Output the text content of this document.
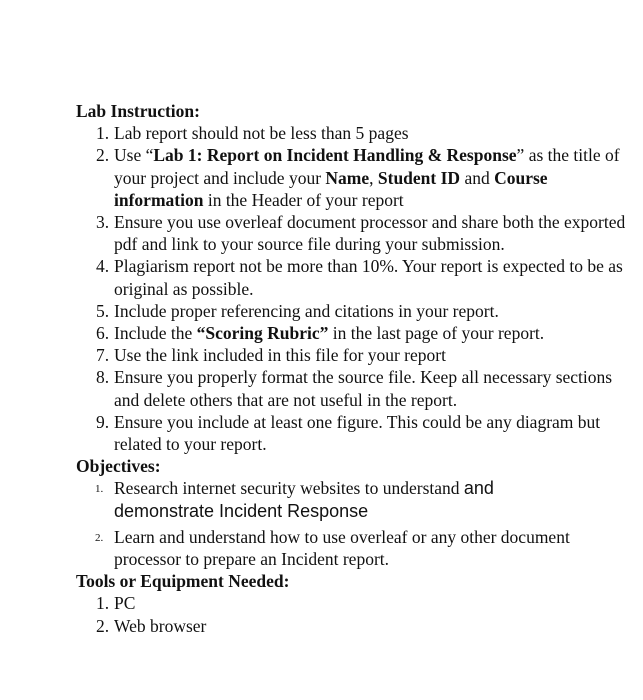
Lab Instruction:

1. Lab report should not be less than 5 pages
2. Use “Lab 1: Report on Incident Handling & Response” as the title of your project and include your Name, Student ID and Course information in the Header of your report
3. Ensure you use overleaf document processor and share both the exported pdf and link to your source file during your submission.
4. Plagiarism report not be more than 10%. Your report is expected to be as original as possible.
5. Include proper referencing and citations in your report.
6. Include the “Scoring Rubric” in the last page of your report.
7. Use the link included in this file for your report
8. Ensure you properly format the source file. Keep all necessary sections and delete others that are not useful in the report.
9. Ensure you include at least one figure. This could be any diagram but related to your report.

Objectives:

1. Research internet security websites to understand and
demonstrate Incident Response
2. Learn and understand how to use overleaf or any other document processor to prepare an Incident report.

Tools or Equipment Needed:

1. PC
2. Web browser
